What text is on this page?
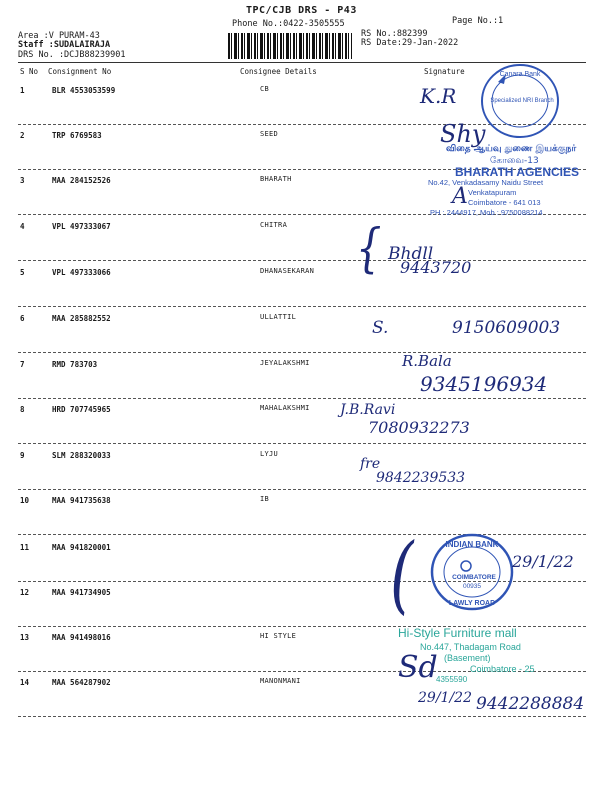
TPC/CJB DRS - P43
Phone No.:0422-3505555	Page No.:1
Area :V PURAM-43
Staff :SUDALAIRAJA
DRS No. :DCJB88239901
RS No.:882399
RS Date:29-Jan-2022
S No Consignment No	Consignee Details	Signature
1	BLR 4553053599	CB
2	TRP 6769583	SEED
3	MAA 284152526	BHARATH
4	VPL 497333067	CHITRA
5	VPL 497333066	DHANASEKARAN
6	MAA 285882552	ULLATTIL
7	RMD 783703	JEYALAKSHMI
8	HRD 707745965	MAHALAKSHMI
9	SLM 288320033	LYJU
10	MAA 941735638	IB
11	MAA 941820001
12	MAA 941734905
13	MAA 941498016	HI STYLE
14	MAA 564287902	MANONMANI
Canara Bank
Specialized NRI Branch
K.R
Shy
விதை ஆய்வு துணை இயக்குநர்
கோவை-13
BHARATH AGENCIES
No.42, Venkadasamy Naidu Street
Venkatapuram
Coimbatore - 641 013
PH : 2444917, Mob : 9750088214
A
{ Bhdll
9443720
S.	9150609003
R.Bala
9345196934
J.B.Ravi
7080932273
fre
9842239533
INDIAN BANK
COIMBATORE
00935
LAWLY ROAD
(	29/1/22
Hi-Style Furniture mall
No.447, Thadagam Road
(Basement)
Coimbatore - 25
4355590
Sd
29/1/22 9442288884
